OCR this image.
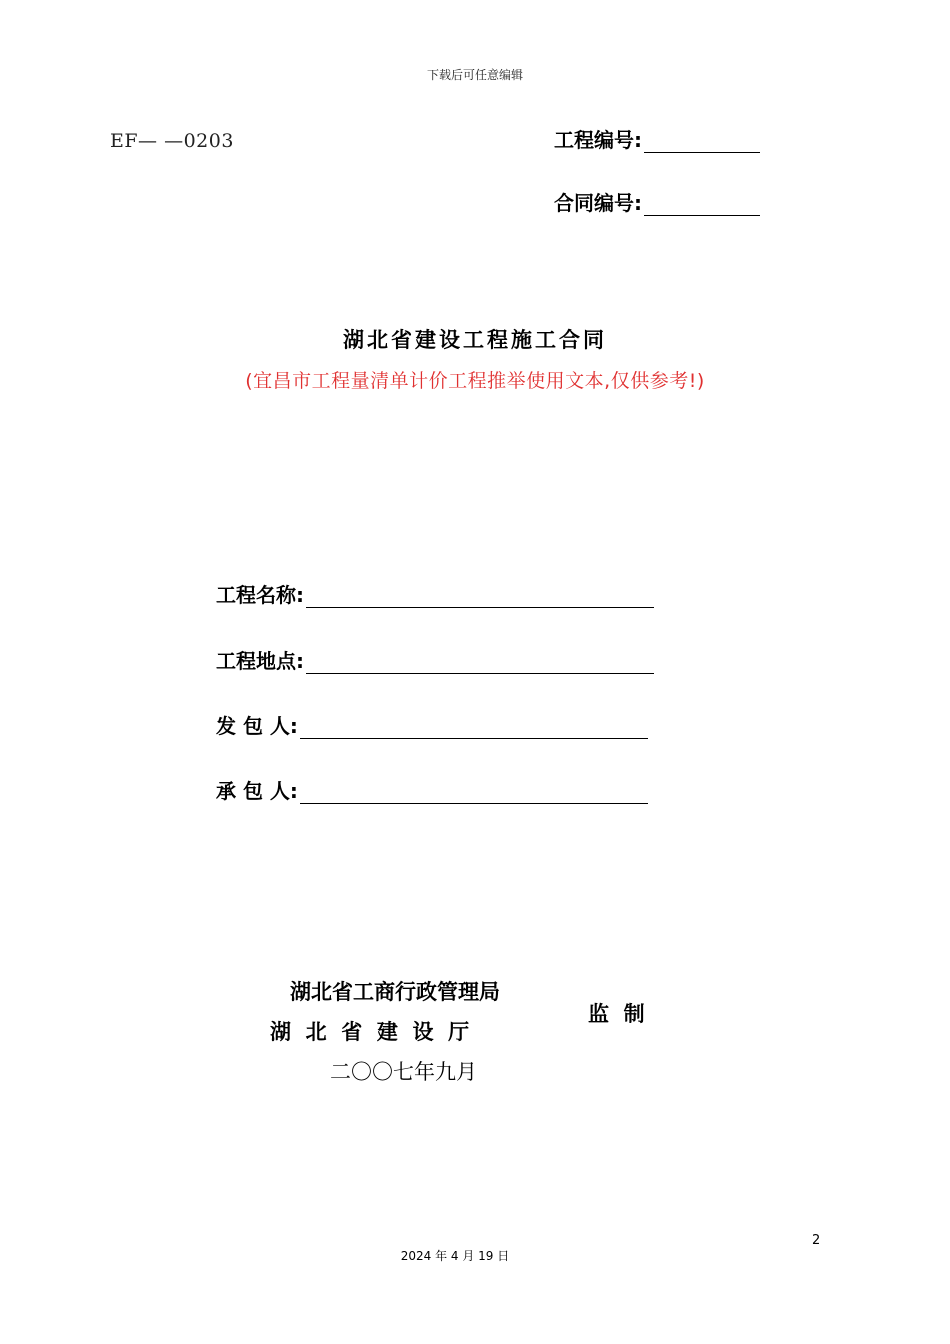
下载后可任意编辑
EF— —0203	工程编号:
合同编号:
湖北省建设工程施工合同
(宜昌市工程量清单计价工程推举使用文本,仅供参考!)
工程名称:
工程地点:
发 包 人:
承 包 人:
湖北省工商行政管理局
湖  北  省  建  设  厅
监  制
二〇〇七年九月
2
2024 年 4 月 19 日
